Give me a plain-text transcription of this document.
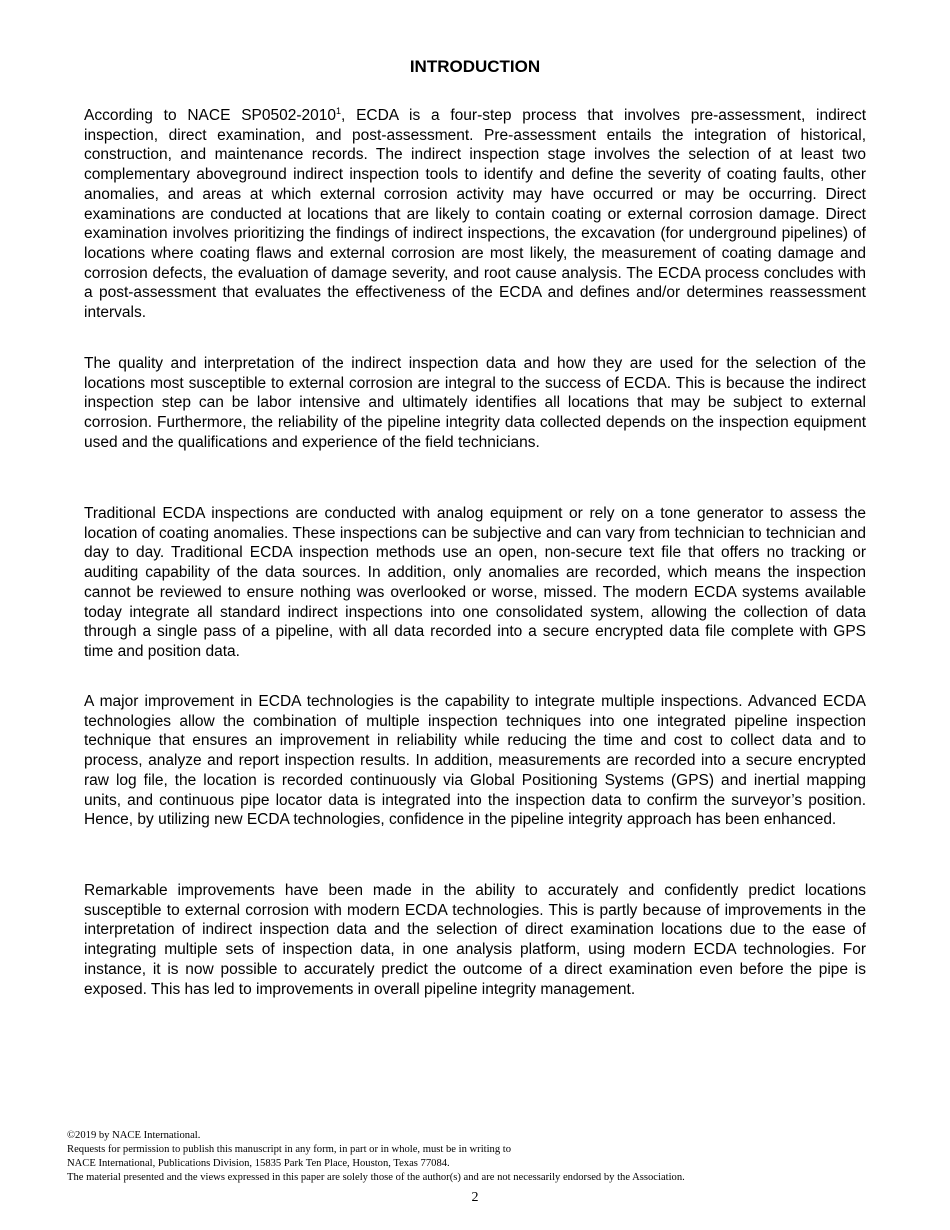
INTRODUCTION

According to NACE SP0502-2010$^1$, ECDA is a four-step process that involves pre-assessment, indirect inspection, direct examination, and post-assessment. Pre-assessment entails the integration of historical, construction, and maintenance records. The indirect inspection stage involves the selection of at least two complementary aboveground indirect inspection tools to identify and define the severity of coating faults, other anomalies, and areas at which external corrosion activity may have occurred or may be occurring. Direct examinations are conducted at locations that are likely to contain coating or external corrosion damage. Direct examination involves prioritizing the findings of indirect inspections, the excavation (for underground pipelines) of locations where coating flaws and external corrosion are most likely, the measurement of coating damage and corrosion defects, the evaluation of damage severity, and root cause analysis. The ECDA process concludes with a post-assessment that evaluates the effectiveness of the ECDA and defines and/or determines reassessment intervals.

The quality and interpretation of the indirect inspection data and how they are used for the selection of the locations most susceptible to external corrosion are integral to the success of ECDA. This is because the indirect inspection step can be labor intensive and ultimately identifies all locations that may be subject to external corrosion. Furthermore, the reliability of the pipeline integrity data collected depends on the inspection equipment used and the qualifications and experience of the field technicians.

Traditional ECDA inspections are conducted with analog equipment or rely on a tone generator to assess the location of coating anomalies. These inspections can be subjective and can vary from technician to technician and day to day. Traditional ECDA inspection methods use an open, non-secure text file that offers no tracking or auditing capability of the data sources. In addition, only anomalies are recorded, which means the inspection cannot be reviewed to ensure nothing was overlooked or worse, missed. The modern ECDA systems available today integrate all standard indirect inspections into one consolidated system, allowing the collection of data through a single pass of a pipeline, with all data recorded into a secure encrypted data file complete with GPS time and position data.

A major improvement in ECDA technologies is the capability to integrate multiple inspections. Advanced ECDA technologies allow the combination of multiple inspection techniques into one integrated pipeline inspection technique that ensures an improvement in reliability while reducing the time and cost to collect data and to process, analyze and report inspection results. In addition, measurements are recorded into a secure encrypted raw log file, the location is recorded continuously via Global Positioning Systems (GPS) and inertial mapping units, and continuous pipe locator data is integrated into the inspection data to confirm the surveyor’s position. Hence, by utilizing new ECDA technologies, confidence in the pipeline integrity approach has been enhanced.

Remarkable improvements have been made in the ability to accurately and confidently predict locations susceptible to external corrosion with modern ECDA technologies. This is partly because of improvements in the interpretation of indirect inspection data and the selection of direct examination locations due to the ease of integrating multiple sets of inspection data, in one analysis platform, using modern ECDA technologies. For instance, it is now possible to accurately predict the outcome of a direct examination even before the pipe is exposed. This has led to improvements in overall pipeline integrity management.

©2019 by NACE International.
Requests for permission to publish this manuscript in any form, in part or in whole, must be in writing to
NACE International, Publications Division, 15835 Park Ten Place, Houston, Texas 77084.
The material presented and the views expressed in this paper are solely those of the author(s) and are not necessarily endorsed by the Association.
2
